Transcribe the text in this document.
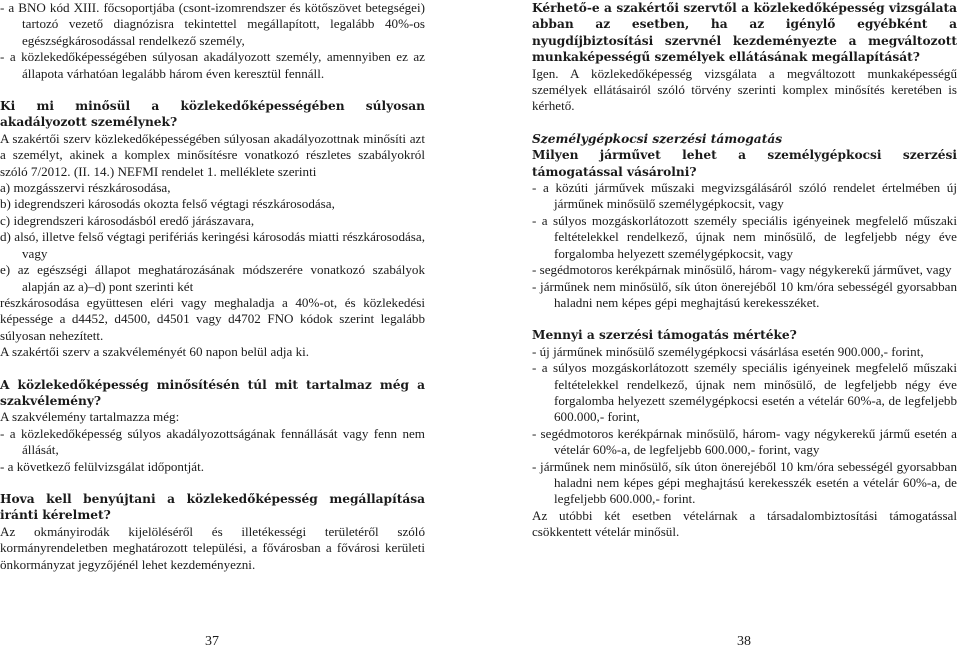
- a BNO kód XIII. főcsoportjába (csont-izomrendszer és kötőszövet betegségei) tartozó vezető diagnózisra tekintettel megállapított, legalább 40%-os egészségkárosodással rendelkező személy,

- a közlekedőképességében súlyosan akadályozott személy, amennyiben ez az állapota várhatóan legalább három éven keresztül fennáll.

Ki mi minősül a közlekedőképességében súlyosan akadályozott személynek?

A szakértői szerv közlekedőképességében súlyosan akadályozottnak minősíti azt a személyt, akinek a komplex minősítésre vonatkozó részletes szabályokról szóló 7/2012. (II. 14.) NEFMI rendelet 1. melléklete szerinti

a) mozgásszervi részkárosodása,

b) idegrendszeri károsodás okozta felső végtagi részkárosodása,

c) idegrendszeri károsodásból eredő járászavara,

d) alsó, illetve felső végtagi perifériás keringési károsodás miatti részkárosodása, vagy

e) az egészségi állapot meghatározásának módszerére vonatkozó szabályok alapján az a)–d) pont szerinti két

részkárosodása együttesen eléri vagy meghaladja a 40%-ot, és közlekedési képessége a d4452, d4500, d4501 vagy d4702 FNO kódok szerint legalább súlyosan nehezített.

A szakértői szerv a szakvéleményét 60 napon belül adja ki.

A közlekedőképesség minősítésén túl mit tartalmaz még a szakvélemény?

A szakvélemény tartalmazza még:

- a közlekedőképesség súlyos akadályozottságának fennállását vagy fenn nem állását,

- a következő felülvizsgálat időpontját.

Hova kell benyújtani a közlekedőképesség megállapítása iránti kérelmet?

Az okmányirodák kijelöléséről és illetékességi területéről szóló kormányrendeletben meghatározott települési, a fővárosban a fővárosi kerületi önkormányzat jegyzőjénél lehet kezdeményezni.

Kérhető-e a szakértői szervtől a közlekedőképesség vizsgálata abban az esetben, ha az igénylő egyébként a nyugdíjbiztosítási szervnél kezdeményezte a megváltozott munkaképességű személyek ellátásának megállapítását?

Igen. A közlekedőképesség vizsgálata a megváltozott munkaképességű személyek ellátásairól szóló törvény szerinti komplex minősítés keretében is kérhető.

Személygépkocsi szerzési támogatás

Milyen járművet lehet a személygépkocsi szerzési támogatással vásárolni?

- a közúti járművek műszaki megvizsgálásáról szóló rendelet értelmében új járműnek minősülő személygépkocsit, vagy

- a súlyos mozgáskorlátozott személy speciális igényeinek megfelelő műszaki feltételekkel rendelkező, újnak nem minősülő, de legfeljebb négy éve forgalomba helyezett személygépkocsit, vagy

- segédmotoros kerékpárnak minősülő, három- vagy négykerekű járművet, vagy

- járműnek nem minősülő, sík úton önerejéből 10 km/óra sebességél gyorsabban haladni nem képes gépi meghajtású kerekesszéket.

Mennyi a szerzési támogatás mértéke?

- új járműnek minősülő személygépkocsi vásárlása esetén 900.000,- forint,

- a súlyos mozgáskorlátozott személy speciális igényeinek megfelelő műszaki feltételekkel rendelkező, újnak nem minősülő, de legfeljebb négy éve forgalomba helyezett személygépkocsi esetén a vételár 60%-a, de legfeljebb 600.000,- forint,

- segédmotoros kerékpárnak minősülő, három- vagy négykerekű jármű esetén a vételár 60%-a, de legfeljebb 600.000,- forint, vagy

- járműnek nem minősülő, sík úton önerejéből 10 km/óra sebességél gyorsabban haladni nem képes gépi meghajtású kerekesszék esetén a vételár 60%-a, de legfeljebb 600.000,- forint.

Az utóbbi két esetben vételárnak a társadalombiztosítási támogatással csökkentett vételár minősül.

37	38
